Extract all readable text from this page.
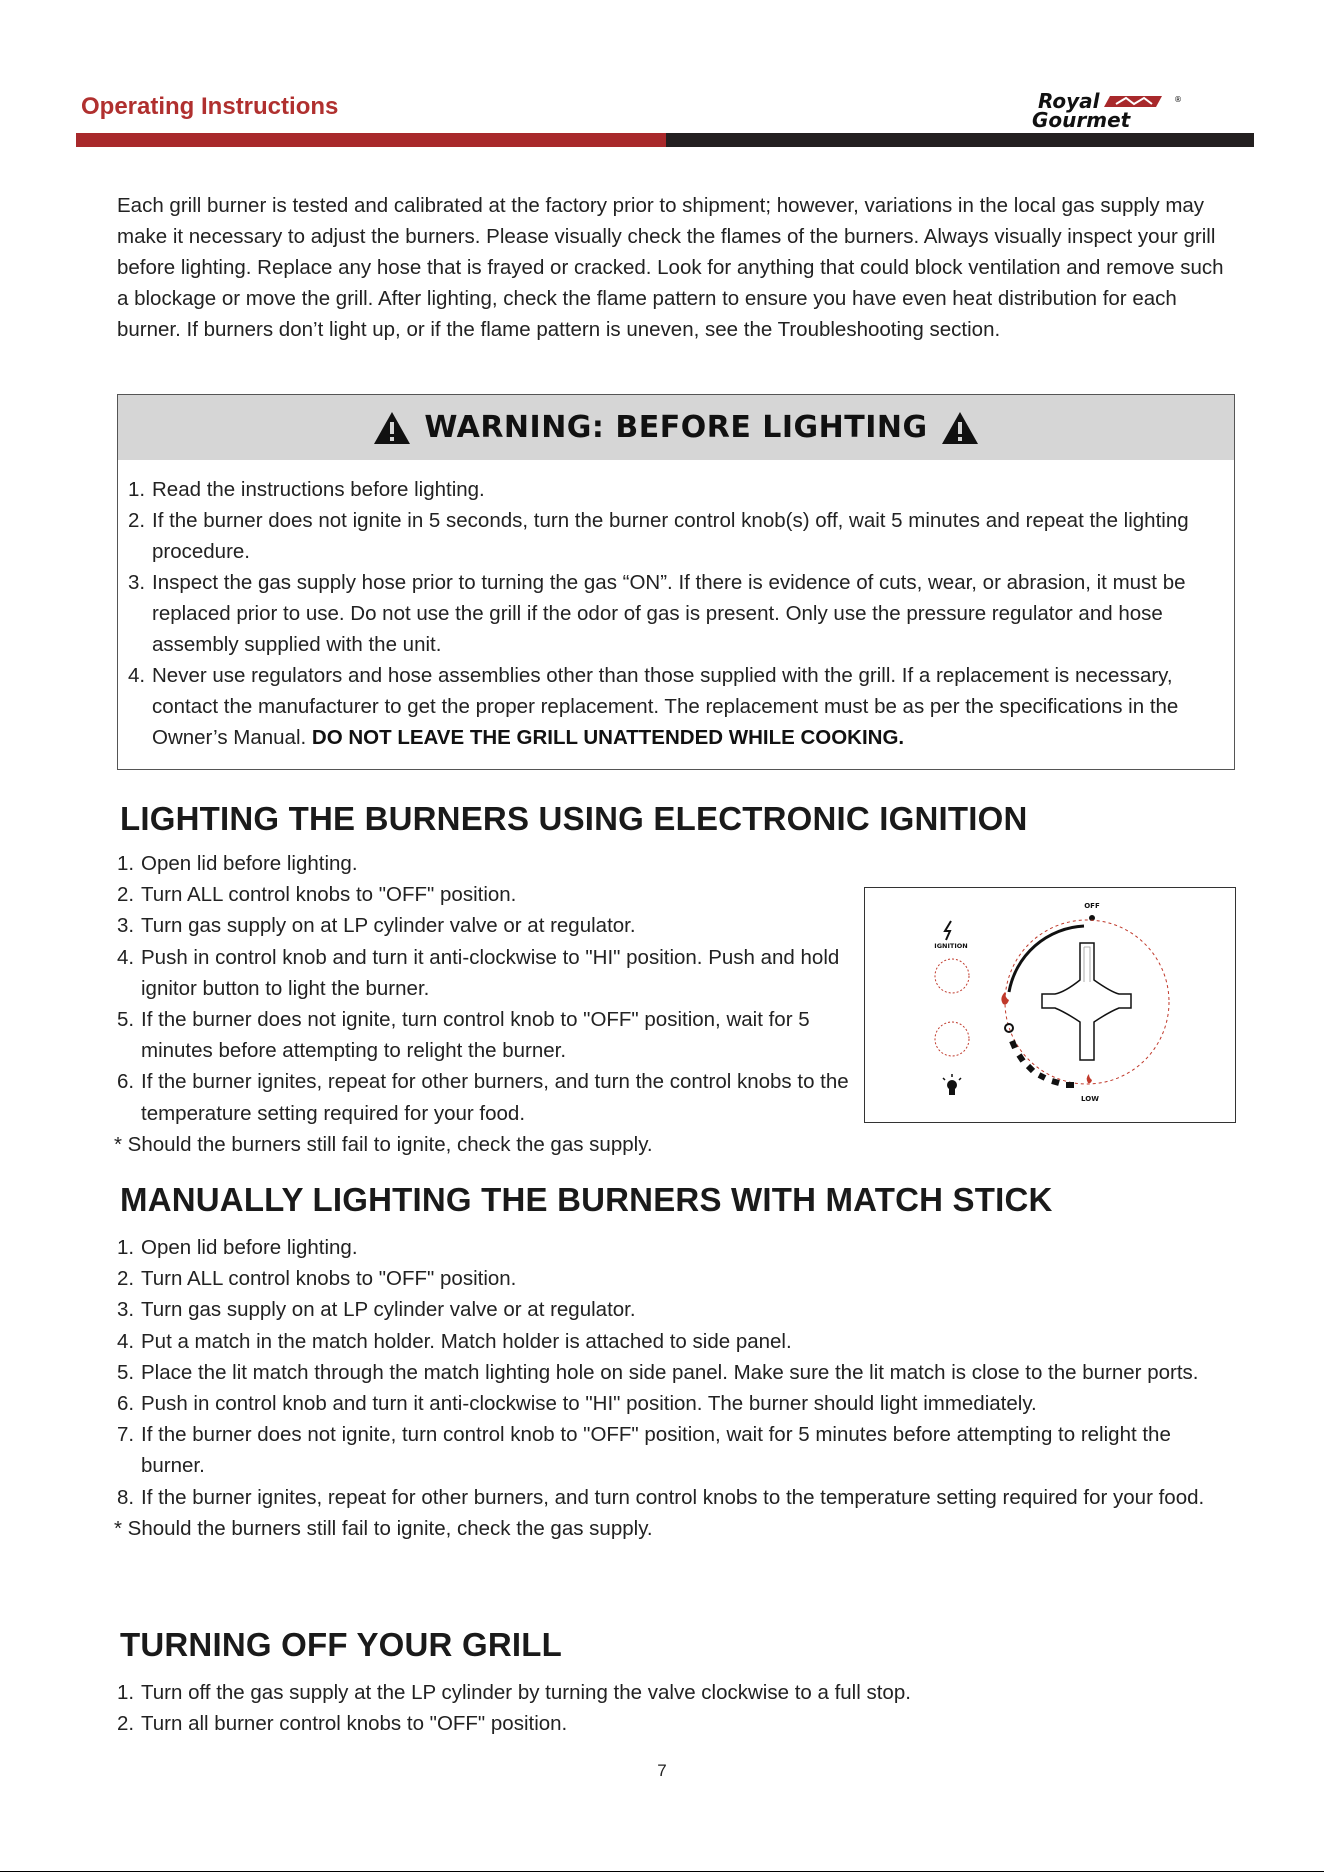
Operating Instructions	Royal
Gourmet
®

Each grill burner is tested and calibrated at the factory prior to shipment; however, variations in the local gas supply may make it necessary to adjust the burners. Please visually check the flames of the burners. Always visually inspect your grill before lighting. Replace any hose that is frayed or cracked. Look for anything that could block ventilation and remove such a blockage or move the grill. After lighting, check the flame pattern to ensure you have even heat distribution for each burner. If burners don’t light up, or if the flame pattern is uneven, see the Troubleshooting section.

WARNING: BEFORE LIGHTING
1. Read the instructions before lighting.
2. If the burner does not ignite in 5 seconds, turn the burner control knob(s) off, wait 5 minutes and repeat the lighting procedure.
3. Inspect the gas supply hose prior to turning the gas “ON”. If there is evidence of cuts, wear, or abrasion, it must be replaced prior to use. Do not use the grill if the odor of gas is present. Only use the pressure regulator and hose assembly supplied with the unit.
4. Never use regulators and hose assemblies other than those supplied with the grill. If a replacement is necessary, contact the manufacturer to get the proper replacement. The replacement must be as per the specifications in the Owner’s Manual. DO NOT LEAVE THE GRILL UNATTENDED WHILE COOKING.
LIGHTING THE BURNERS USING ELECTRONIC IGNITION
1. Open lid before lighting.
2. Turn ALL control knobs to "OFF" position.
3. Turn gas supply on at LP cylinder valve or at regulator.
4. Push in control knob and turn it anti-clockwise to "HI" position. Push and hold ignitor button to light the burner.
5. If the burner does not ignite, turn control knob to "OFF" position, wait for 5 minutes before attempting to relight the burner.
6. If the burner ignites, repeat for other burners, and turn the control knobs to the temperature setting required for your food.
* Should the burners still fail to ignite, check the gas supply.
IGNITION
OFF
LOW
MANUALLY LIGHTING THE BURNERS WITH MATCH STICK
1. Open lid before lighting.
2. Turn ALL control knobs to "OFF" position.
3. Turn gas supply on at LP cylinder valve or at regulator.
4. Put a match in the match holder. Match holder is attached to side panel.
5. Place the lit match through the match lighting hole on side panel. Make sure the lit match is close to the burner ports.
6. Push in control knob and turn it anti-clockwise to "HI" position. The burner should light immediately.
7. If the burner does not ignite, turn control knob to "OFF" position, wait for 5 minutes before attempting to relight the burner.
8. If the burner ignites, repeat for other burners, and turn control knobs to the temperature setting required for your food.
* Should the burners still fail to ignite, check the gas supply.
TURNING OFF YOUR GRILL
1. Turn off the gas supply at the LP cylinder by turning the valve clockwise to a full stop.
2. Turn all burner control knobs to "OFF" position.
7
